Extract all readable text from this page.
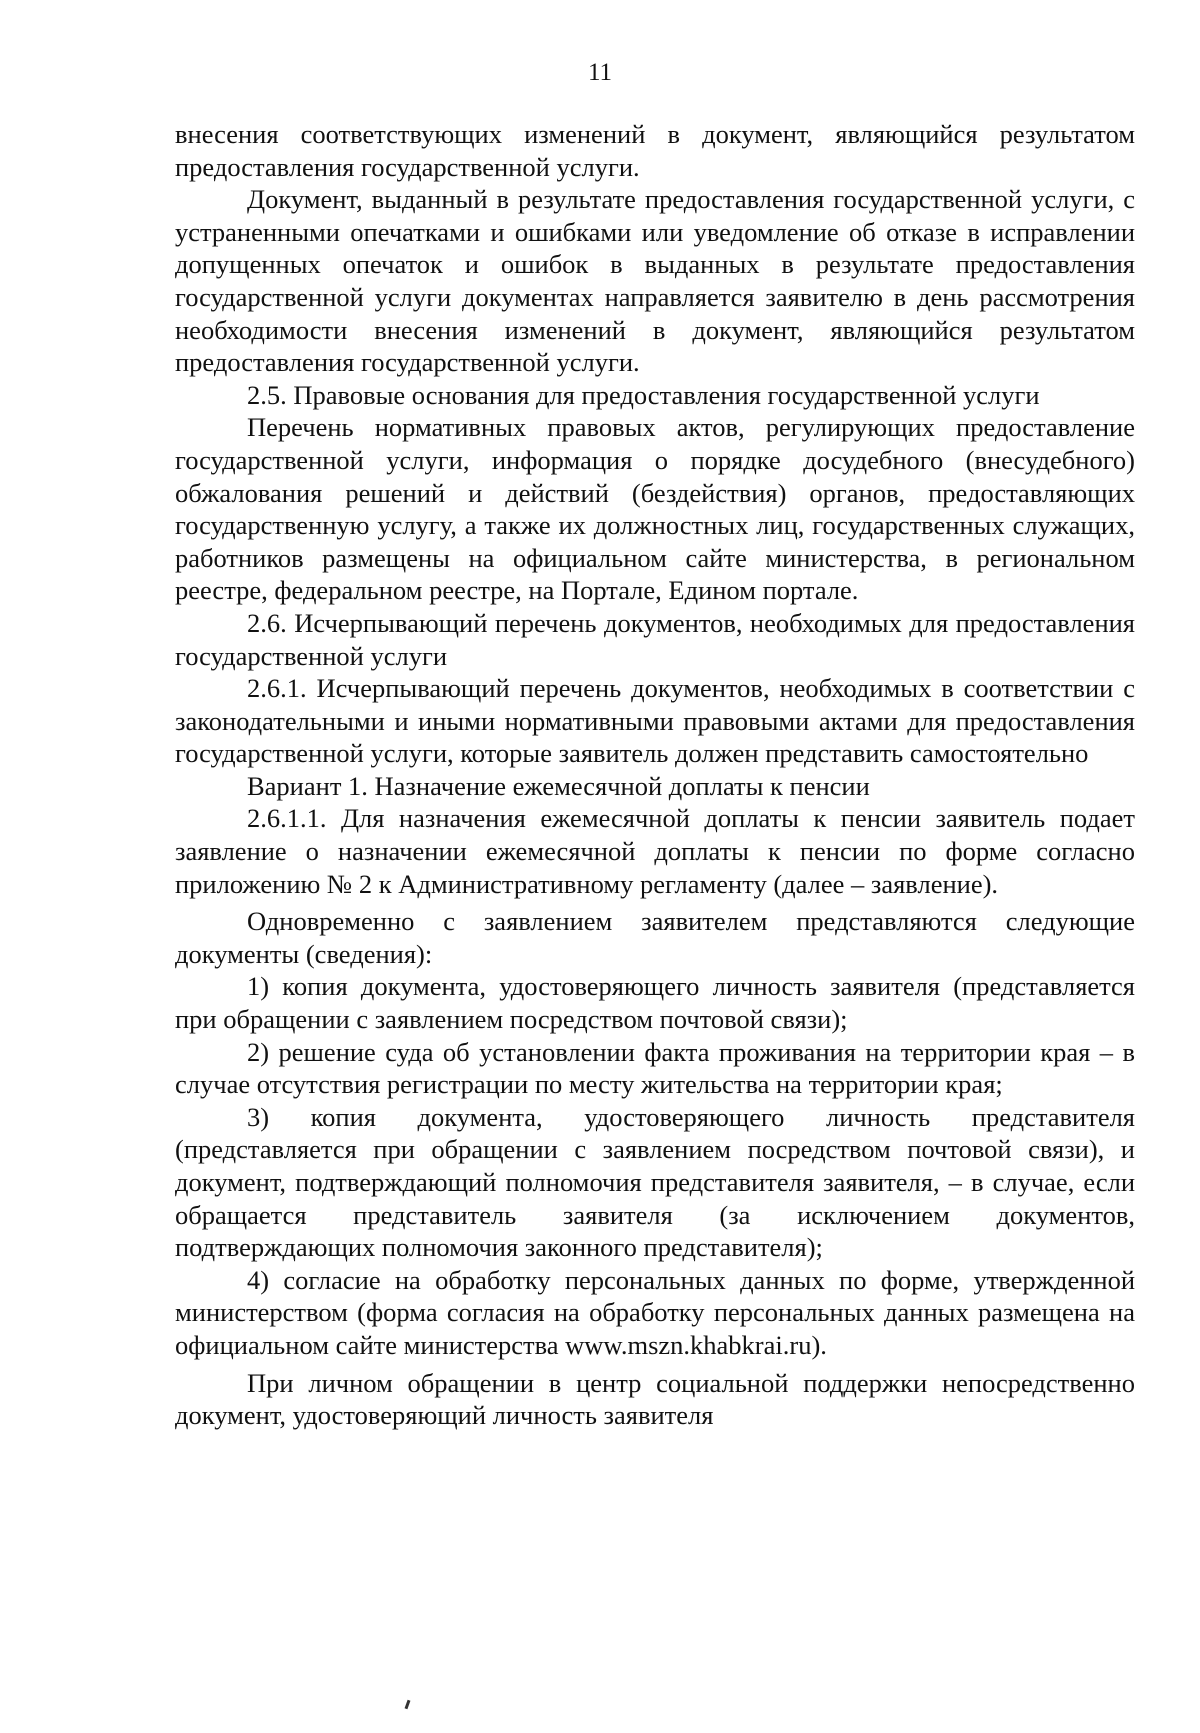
11

внесения соответствующих изменений в документ, являющийся результатом предоставления государственной услуги.

Документ, выданный в результате предоставления государственной услуги, с устраненными опечатками и ошибками или уведомление об отказе в исправлении допущенных опечаток и ошибок в выданных в результате предоставления государственной услуги документах направляется заявителю в день рассмотрения необходимости внесения изменений в документ, являющийся результатом предоставления государственной услуги.

2.5. Правовые основания для предоставления государственной услуги

Перечень нормативных правовых актов, регулирующих предоставление государственной услуги, информация о порядке досудебного (внесудебного) обжалования решений и действий (бездействия) органов, предоставляющих государственную услугу, а также их должностных лиц, государственных служащих, работников размещены на официальном сайте министерства, в региональном реестре, федеральном реестре, на Портале, Едином портале.

2.6. Исчерпывающий перечень документов, необходимых для предоставления государственной услуги

2.6.1. Исчерпывающий перечень документов, необходимых в соответствии с законодательными и иными нормативными правовыми актами для предоставления государственной услуги, которые заявитель должен представить самостоятельно

Вариант 1. Назначение ежемесячной доплаты к пенсии

2.6.1.1. Для назначения ежемесячной доплаты к пенсии заявитель подает заявление о назначении ежемесячной доплаты к пенсии по форме согласно приложению № 2 к Административному регламенту (далее – заявление).

Одновременно с заявлением заявителем представляются следующие документы (сведения):

1) копия документа, удостоверяющего личность заявителя (представляется при обращении с заявлением посредством почтовой связи);

2) решение суда об установлении факта проживания на территории края – в случае отсутствия регистрации по месту жительства на территории края;

3) копия документа, удостоверяющего личность представителя (представляется при обращении с заявлением посредством почтовой связи), и документ, подтверждающий полномочия представителя заявителя, – в случае, если обращается представитель заявителя (за исключением документов, подтверждающих полномочия законного представителя);

4) согласие на обработку персональных данных по форме, утвержденной министерством (форма согласия на обработку персональных данных размещена на официальном сайте министерства www.mszn.khabkrai.ru).

При личном обращении в центр социальной поддержки непосредственно документ, удостоверяющий личность заявителя
